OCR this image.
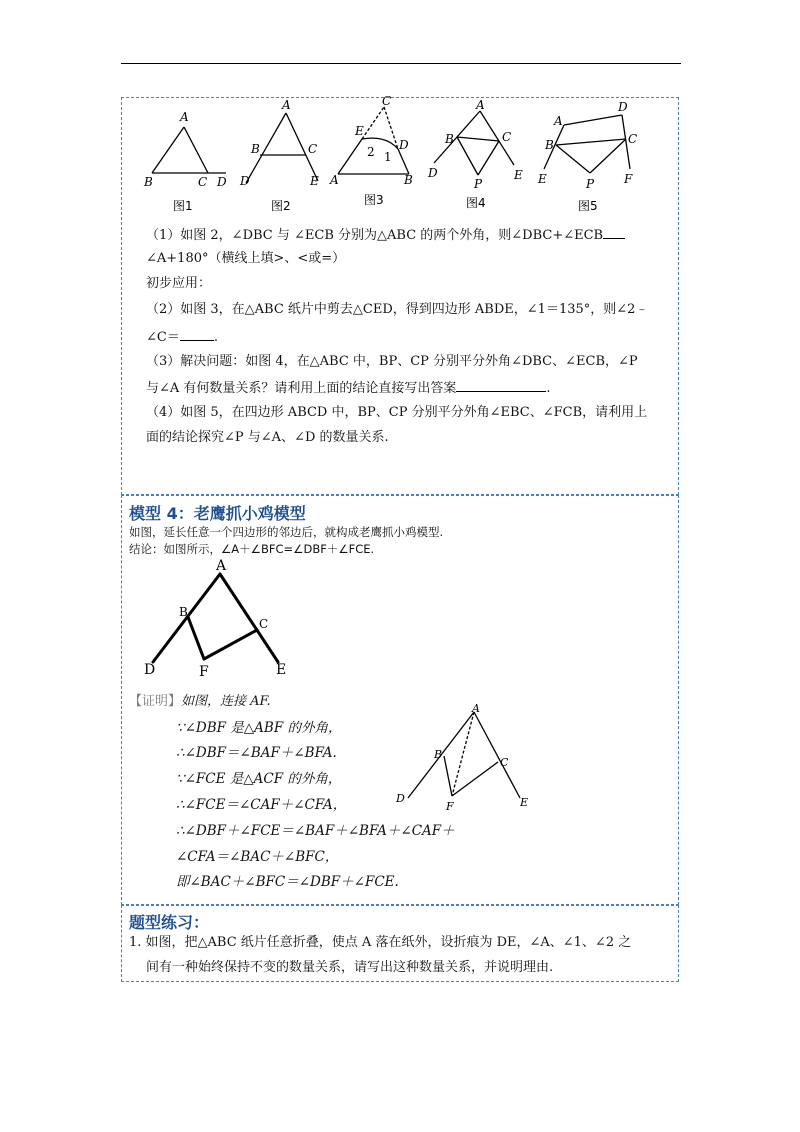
A
B	C D
图1
A
B	C
D	E
图2
C
E
D
A	B
2 1
图3
A
B	C
D	E
P
图4
A
D
B	C
E	P F
图5
（1）如图 2，∠DBC 与 ∠ECB 分别为△ABC 的两个外角，则∠DBC+∠ECB
∠A+180°（横线上填>、<或=）
初步应用：
（2）如图 3，在△ABC 纸片中剪去△CED，得到四边形 ABDE，∠1＝135°，则∠2﹣
∠C＝	.
（3）解决问题：如图 4，在△ABC 中，BP、CP 分别平分外角∠DBC、∠ECB，∠P
与∠A 有何数量关系？请利用上面的结论直接写出答案	.
（4）如图 5，在四边形 ABCD 中，BP、CP 分别平分外角∠EBC、∠FCB，请利用上
面的结论探究∠P 与∠A、∠D 的数量关系.
模型 4：老鹰抓小鸡模型
如图，延长任意一个四边形的邻边后，就构成老鹰抓小鸡模型.
结论：如图所示，∠A＋∠BFC=∠DBF＋∠FCE.
A
B
C
D	F	E
【证明】如图，连接 AF.
∵∠DBF 是△ABF 的外角，
∴∠DBF＝∠BAF＋∠BFA.
∵∠FCE 是△ACF 的外角，
∴∠FCE＝∠CAF＋∠CFA，
∴∠DBF＋∠FCE＝∠BAF＋∠BFA＋∠CAF＋
∠CFA＝∠BAC＋∠BFC，
即∠BAC＋∠BFC＝∠DBF＋∠FCE.
A
B
C
D
F	E
题型练习：
1. 如图，把△ABC 纸片任意折叠，使点 A 落在纸外，设折痕为 DE，∠A、∠1、∠2 之
间有一种始终保持不变的数量关系，请写出这种数量关系，并说明理由.
